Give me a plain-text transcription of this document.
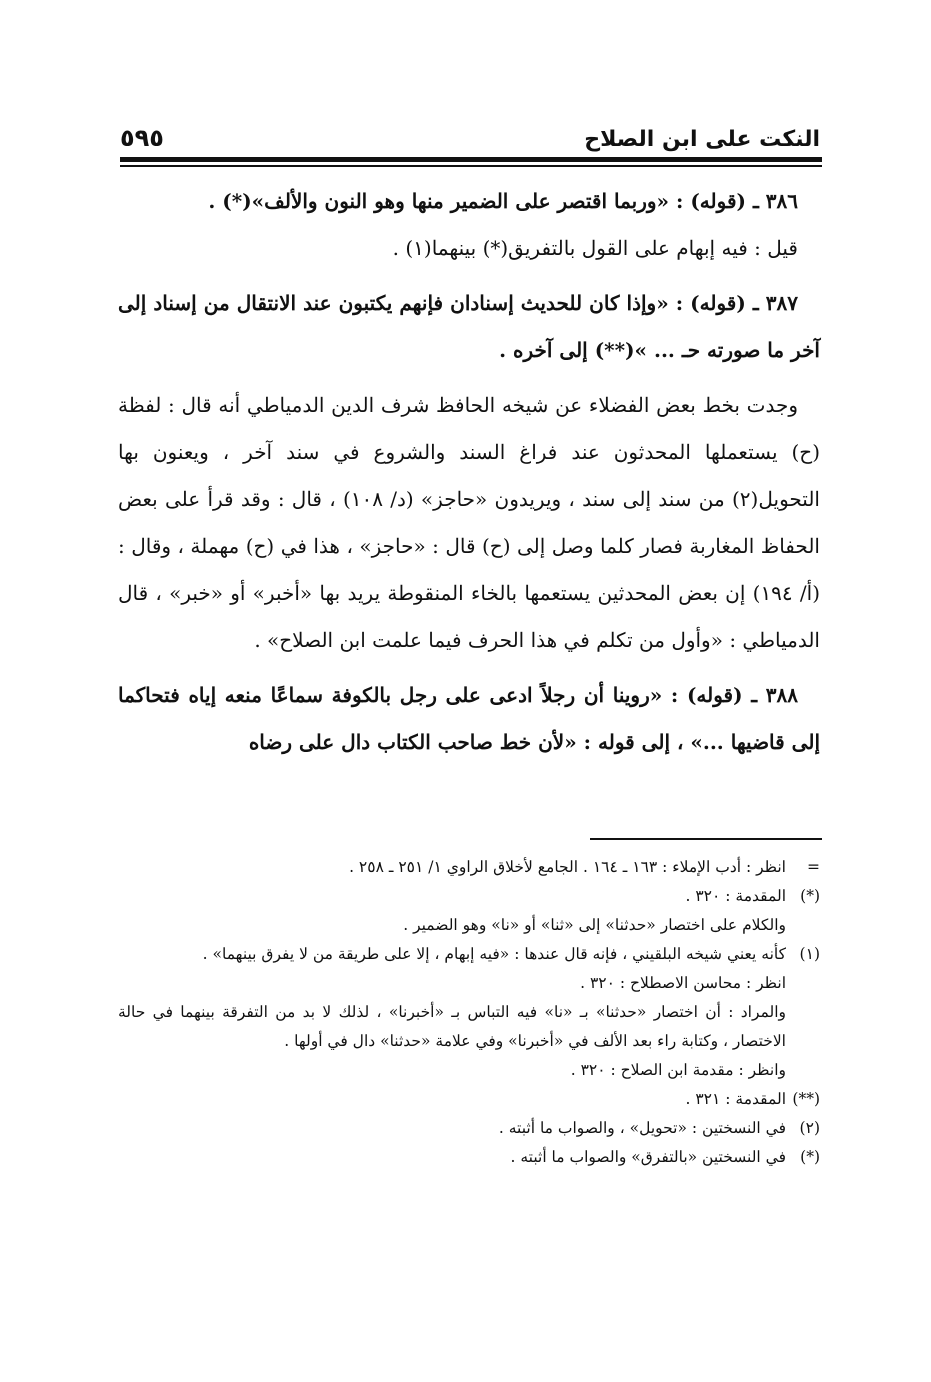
النكت على ابن الصلاح
٥٩٥

٣٨٦ ـ (قوله) : «وربما اقتصر على الضمير منها وهو النون والألف»(*) .

قيل : فيه إبهام على القول بالتفريق(*) بينهما(١) .

٣٨٧ ـ (قوله) : «وإذا كان للحديث إسنادان فإنهم يكتبون عند الانتقال من إسناد إلى آخر ما صورته حـ ... »(**) إلى آخره .

وجدت بخط بعض الفضلاء عن شيخه الحافظ شرف الدين الدمياطي أنه قال : لفظة (ح) يستعملها المحدثون عند فراغ السند والشروع في سند آخر ، ويعنون بها التحويل(٢) من سند إلى سند ، ويريدون «حاجز» (د/ ١٠٨) ، قال : وقد قرأ على بعض الحفاظ المغاربة فصار كلما وصل إلى (ح) قال : «حاجز» ، هذا في (ح) مهملة ، وقال : (أ/ ١٩٤) إن بعض المحدثين يستعمها بالخاء المنقوطة يريد بها «أخبر» أو «خبر» ، قال الدمياطي : «وأول من تكلم في هذا الحرف فيما علمت ابن الصلاح» .

٣٨٨ ـ (قوله) : «روينا أن رجلاً ادعى على رجل بالكوفة سماعًا منعه إياه فتحاكما إلى قاضيها ...» ، إلى قوله : «لأن خط صاحب الكتاب دال على رضاه

=
انظر : أدب الإملاء : ١٦٣ ـ ١٦٤ . الجامع لأخلاق الراوي ١/ ٢٥١ ـ ٢٥٨ .
(*)
المقدمة : ٣٢٠ .
والكلام على اختصار «حدثنا» إلى «ثنا» أو «نا» وهو الضمير .
(١)
كأنه يعني شيخه البلقيني ، فإنه قال عندها : «فيه إبهام ، إلا على طريقة من لا يفرق بينهما» .
انظر : محاسن الاصطلاح : ٣٢٠ .
والمراد : أن اختصار «حدثنا» بـ «نا» فيه التباس بـ «أخبرنا» ، لذلك لا بد من التفرقة بينهما في حالة الاختصار ، وكتابة راء بعد الألف في «أخبرنا» وفي علامة «حدثنا» دال في أولها .
وانظر : مقدمة ابن الصلاح : ٣٢٠ .
(**)
المقدمة : ٣٢١ .
(٢)
في النسختين : «تحويل» ، والصواب ما أثبته .
(*)
في النسختين «بالتفرق» والصواب ما أثبته .
